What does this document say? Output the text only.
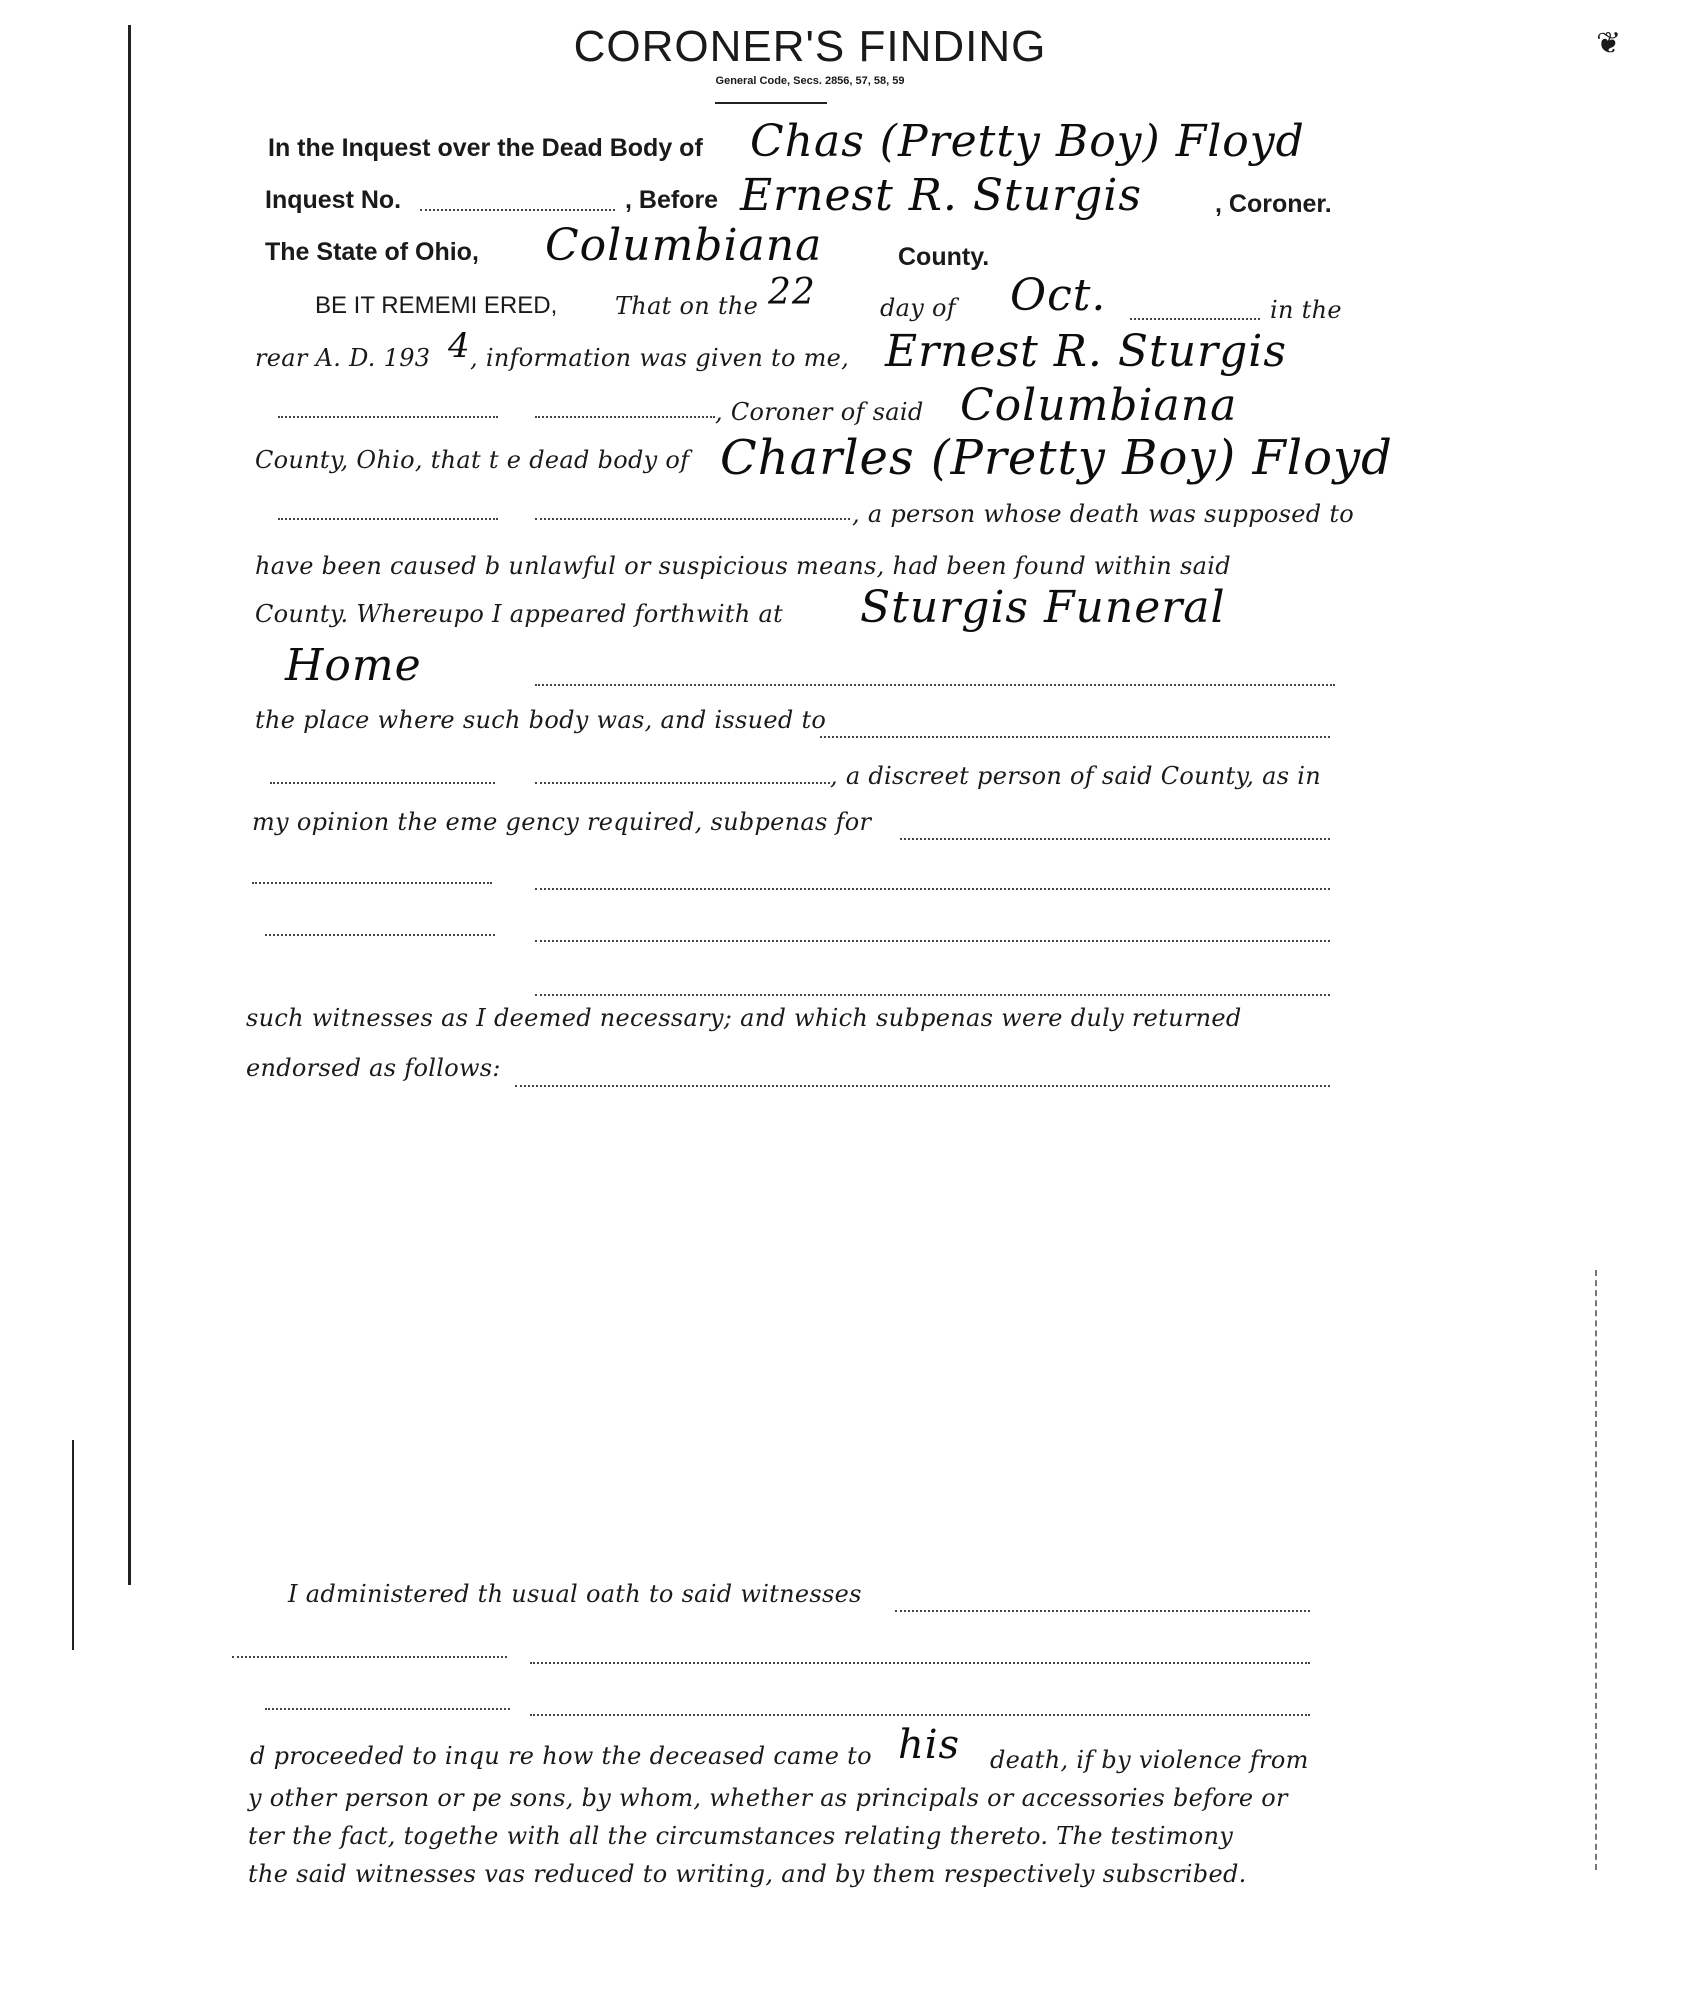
CORONER'S FINDING
General Code, Secs. 2856, 57, 58, 59
❦
In the Inquest over the Dead Body of Chas (Pretty Boy) Floyd
Inquest No.	, Before Ernest R. Sturgis	, Coroner.
The State of Ohio, Columbiana	County.
BE IT REMEMI ERED, That on the 22	day of Oct.	in the
rear A. D. 193 4 , information was given to me, Ernest R. Sturgis
, Coroner of said Columbiana
County, Ohio, that t e dead body of Charles (Pretty Boy) Floyd
, a person whose death was supposed to
have been caused b unlawful or suspicious means, had been found within said
County. Whereupo I appeared forthwith at Sturgis Funeral
Home
the place where such body was, and issued to
, a discreet person of said County, as in
my opinion the eme gency required, subpenas for
such witnesses as I deemed necessary; and which subpenas were duly returned
endorsed as follows:
I administered th usual oath to said witnesses
d proceeded to inqu re how the deceased came to his death, if by violence from
y other person or pe sons, by whom, whether as principals or accessories before or
ter the fact, togethe with all the circumstances relating thereto. The testimony
the said witnesses vas reduced to writing, and by them respectively subscribed.
